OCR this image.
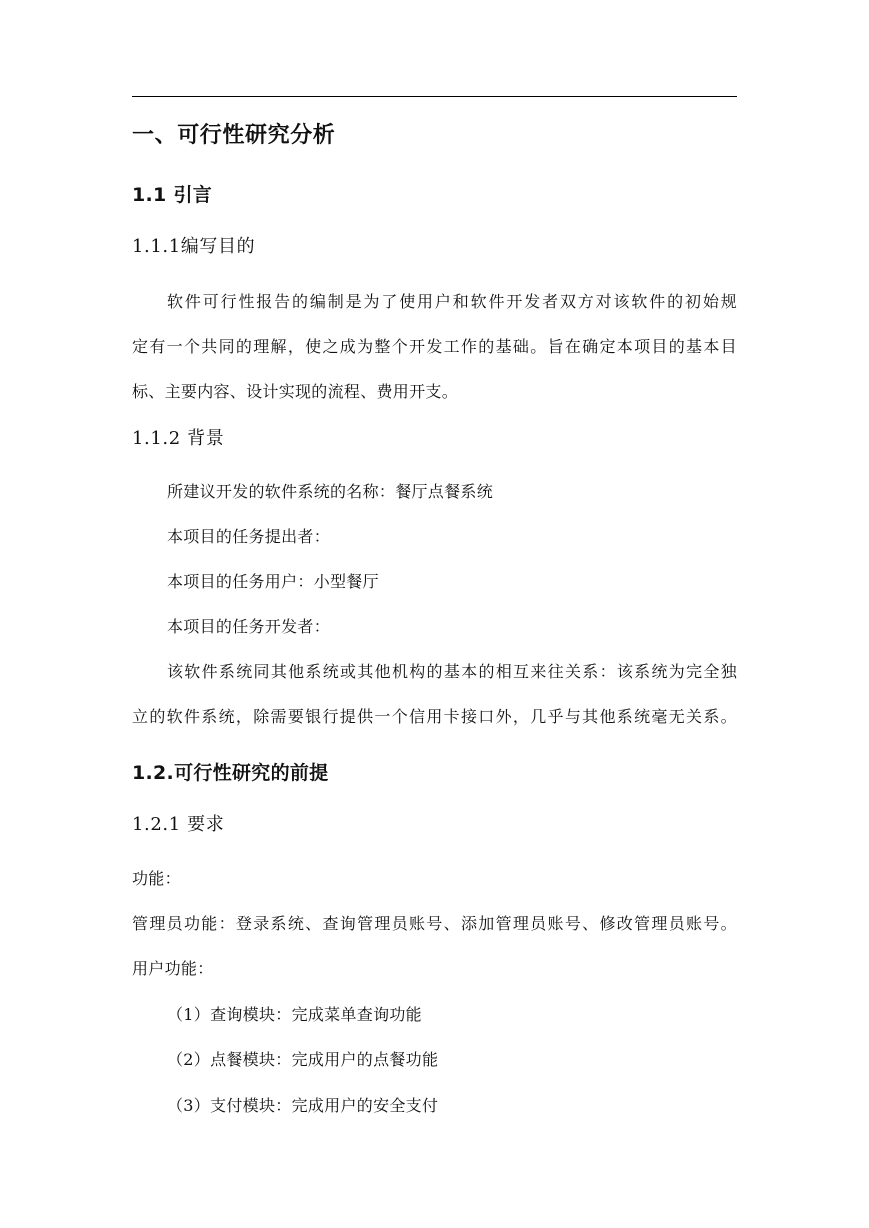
一、可行性研究分析
1.1 引言
1.1.1编写目的
软件可行性报告的编制是为了使用户和软件开发者双方对该软件的初始规
定有一个共同的理解，使之成为整个开发工作的基础。旨在确定本项目的基本目
标、主要内容、设计实现的流程、费用开支。
1.1.2 背景
所建议开发的软件系统的名称：餐厅点餐系统
本项目的任务提出者：
本项目的任务用户：小型餐厅
本项目的任务开发者：
该软件系统同其他系统或其他机构的基本的相互来往关系：该系统为完全独
立的软件系统，除需要银行提供一个信用卡接口外，几乎与其他系统毫无关系。
1.2.可行性研究的前提
1.2.1 要求
功能：
管理员功能：登录系统、查询管理员账号、添加管理员账号、修改管理员账号。
用户功能：
（1）查询模块：完成菜单查询功能
（2）点餐模块：完成用户的点餐功能
（3）支付模块：完成用户的安全支付
